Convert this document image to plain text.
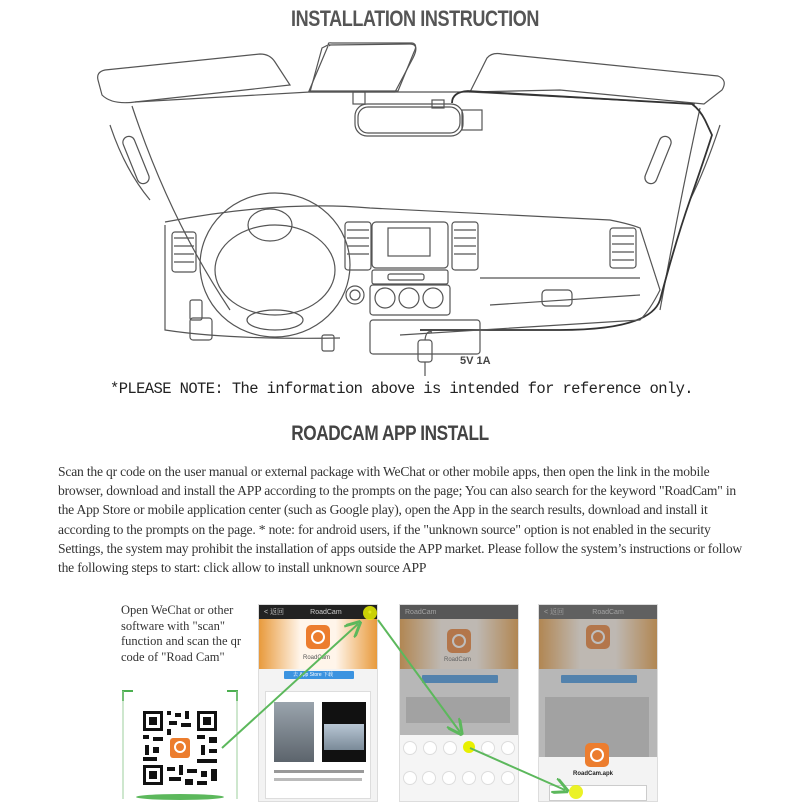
INSTALLATION INSTRUCTION
5V 1A
*PLEASE NOTE: The information above is intended for reference only.
ROADCAM APP INSTALL
Scan the qr code on the user manual or external package with WeChat or other mobile apps, then open the link in the mobile browser, download and install the APP according to the prompts on the page; You can also search for the keyword "RoadCam" in the App Store or mobile application center (such as Google play), open the App in the search results, download and install it according to the prompts on the page. * note: for android users, if the "unknown source" option is not enabled in the security Settings, the system may prohibit the installation of apps outside the APP market. Please follow the system’s instructions or follow the following steps to start: click allow to install unknown source APP
Open WeChat or other software with "scan" function and scan the qr code of "Road Cam"
< 返回	RoadCam
RoadCam
去 App Store 下载
RoadCam
RoadCam
< 返回	RoadCam
RoadCam.apk
